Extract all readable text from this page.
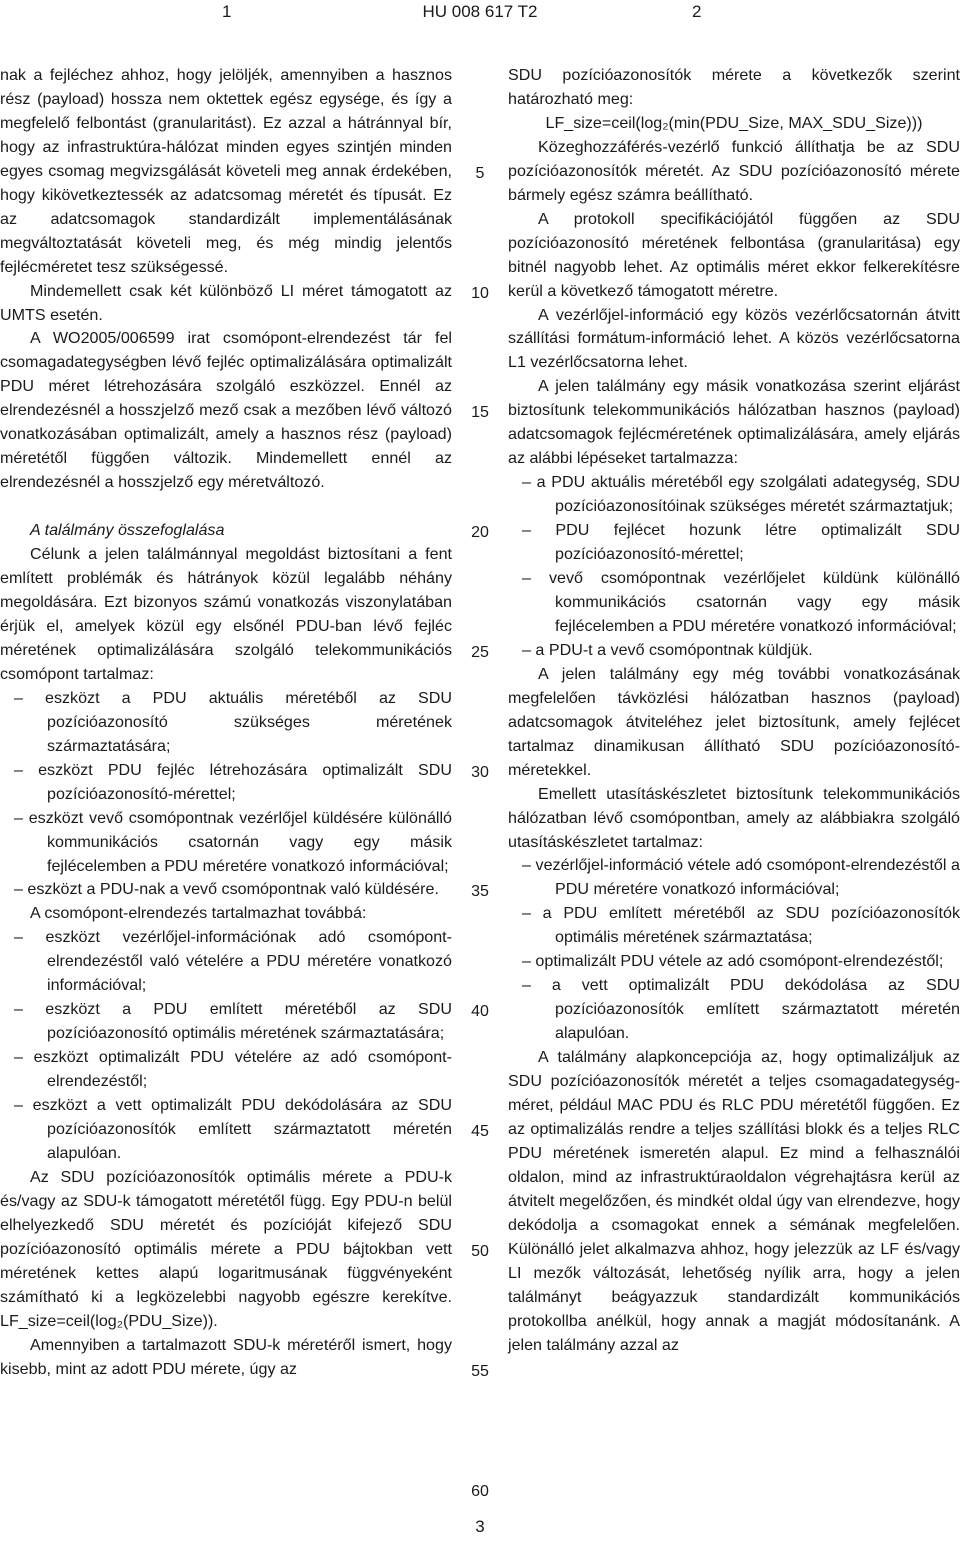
1	HU 008 617 T2	2

nak a fejléchez ahhoz, hogy jelöljék, amennyiben a hasznos rész (payload) hossza nem oktettek egész egysége, és így a megfelelő felbontást (granularitást). Ez azzal a hátránnyal bír, hogy az infrastruktúra-hálózat minden egyes szintjén minden egyes csomag megvizsgálását követeli meg annak érdekében, hogy kikövetkeztessék az adatcsomag méretét és típusát. Ez az adatcsomagok standardizált implementálásának megváltoztatását követeli meg, és még mindig jelentős fejlécméretet tesz szükségessé.

Mindemellett csak két különböző LI méret támogatott az UMTS esetén.

A WO2005/006599 irat csomópont-elrendezést tár fel csomagadategységben lévő fejléc optimalizálására optimalizált PDU méret létrehozására szolgáló eszközzel. Ennél az elrendezésnél a hosszjelző mező csak a mezőben lévő változó vonatkozásában optimalizált, amely a hasznos rész (payload) méretétől függően változik. Mindemellett ennél az elrendezésnél a hosszjelző egy méretváltozó.

A találmány összefoglalása

Célunk a jelen találmánnyal megoldást biztosítani a fent említett problémák és hátrányok közül legalább néhány megoldására. Ezt bizonyos számú vonatkozás viszonylatában érjük el, amelyek közül egy elsőnél PDU-ban lévő fejléc méretének optimalizálására szolgáló telekommunikációs csomópont tartalmaz:

– eszközt a PDU aktuális méretéből az SDU pozícióazonosító szükséges méretének származtatására;

– eszközt PDU fejléc létrehozására optimalizált SDU pozícióazonosító-mérettel;

– eszközt vevő csomópontnak vezérlőjel küldésére különálló kommunikációs csatornán vagy egy másik fejlécelemben a PDU méretére vonatkozó információval;

– eszközt a PDU-nak a vevő csomópontnak való küldésére.

A csomópont-elrendezés tartalmazhat továbbá:

– eszközt vezérlőjel-információnak adó csomópont-elrendezéstől való vételére a PDU méretére vonatkozó információval;

– eszközt a PDU említett méretéből az SDU pozícióazonosító optimális méretének származtatására;

– eszközt optimalizált PDU vételére az adó csomópont-elrendezéstől;

– eszközt a vett optimalizált PDU dekódolására az SDU pozícióazonosítók említett származtatott méretén alapulóan.

Az SDU pozícióazonosítók optimális mérete a PDU-k és/vagy az SDU-k támogatott méretétől függ. Egy PDU-n belül elhelyezkedő SDU méretét és pozícióját kifejező SDU pozícióazonosító optimális mérete a PDU bájtokban vett méretének kettes alapú logaritmusának függvényeként számítható ki a legközelebbi nagyobb egészre kerekítve. LF_size=ceil(log₂(PDU_Size)).

Amennyiben a tartalmazott SDU-k méretéről ismert, hogy kisebb, mint az adott PDU mérete, úgy az

SDU pozícióazonosítók mérete a következők szerint határozható meg:

LF_size=ceil(log₂(min(PDU_Size, MAX_SDU_Size)))

Közeghozzáférés-vezérlő funkció állíthatja be az SDU pozícióazonosítók méretét. Az SDU pozícióazonosító mérete bármely egész számra beállítható.

A protokoll specifikációjától függően az SDU pozícióazonosító méretének felbontása (granularitása) egy bitnél nagyobb lehet. Az optimális méret ekkor felkerekítésre kerül a következő támogatott méretre.

A vezérlőjel-információ egy közös vezérlőcsatornán átvitt szállítási formátum-információ lehet. A közös vezérlőcsatorna L1 vezérlőcsatorna lehet.

A jelen találmány egy másik vonatkozása szerint eljárást biztosítunk telekommunikációs hálózatban hasznos (payload) adatcsomagok fejlécméretének optimalizálására, amely eljárás az alábbi lépéseket tartalmazza:

– a PDU aktuális méretéből egy szolgálati adategység, SDU pozícióazonosítóinak szükséges méretét származtatjuk;

– PDU fejlécet hozunk létre optimalizált SDU pozícióazonosító-mérettel;

– vevő csomópontnak vezérlőjelet küldünk különálló kommunikációs csatornán vagy egy másik fejlécelemben a PDU méretére vonatkozó információval;

– a PDU-t a vevő csomópontnak küldjük.

A jelen találmány egy még további vonatkozásának megfelelően távközlési hálózatban hasznos (payload) adatcsomagok átviteléhez jelet biztosítunk, amely fejlécet tartalmaz dinamikusan állítható SDU pozícióazonosító-méretekkel.

Emellett utasításkészletet biztosítunk telekommunikációs hálózatban lévő csomópontban, amely az alábbiakra szolgáló utasításkészletet tartalmaz:

– vezérlőjel-információ vétele adó csomópont-elrendezéstől a PDU méretére vonatkozó információval;

– a PDU említett méretéből az SDU pozícióazonosítók optimális méretének származtatása;

– optimalizált PDU vétele az adó csomópont-elrendezéstől;

– a vett optimalizált PDU dekódolása az SDU pozícióazonosítók említett származtatott méretén alapulóan.

A találmány alapkoncepciója az, hogy optimalizáljuk az SDU pozícióazonosítók méretét a teljes csomagadategység-méret, például MAC PDU és RLC PDU méretétől függően. Ez az optimalizálás rendre a teljes szállítási blokk és a teljes RLC PDU méretének ismeretén alapul. Ez mind a felhasználói oldalon, mind az infrastruktúraoldalon végrehajtásra kerül az átvitelt megelőzően, és mindkét oldal úgy van elrendezve, hogy dekódolja a csomagokat ennek a sémának megfelelően. Különálló jelet alkalmazva ahhoz, hogy jelezzük az LF és/vagy LI mezők változását, lehetőség nyílik arra, hogy a jelen találmányt beágyazzuk standardizált kommunikációs protokollba anélkül, hogy annak a magját módosítanánk. A jelen találmány azzal az

5
10
15
20
25
30
35
40
45
50
55
60
3
